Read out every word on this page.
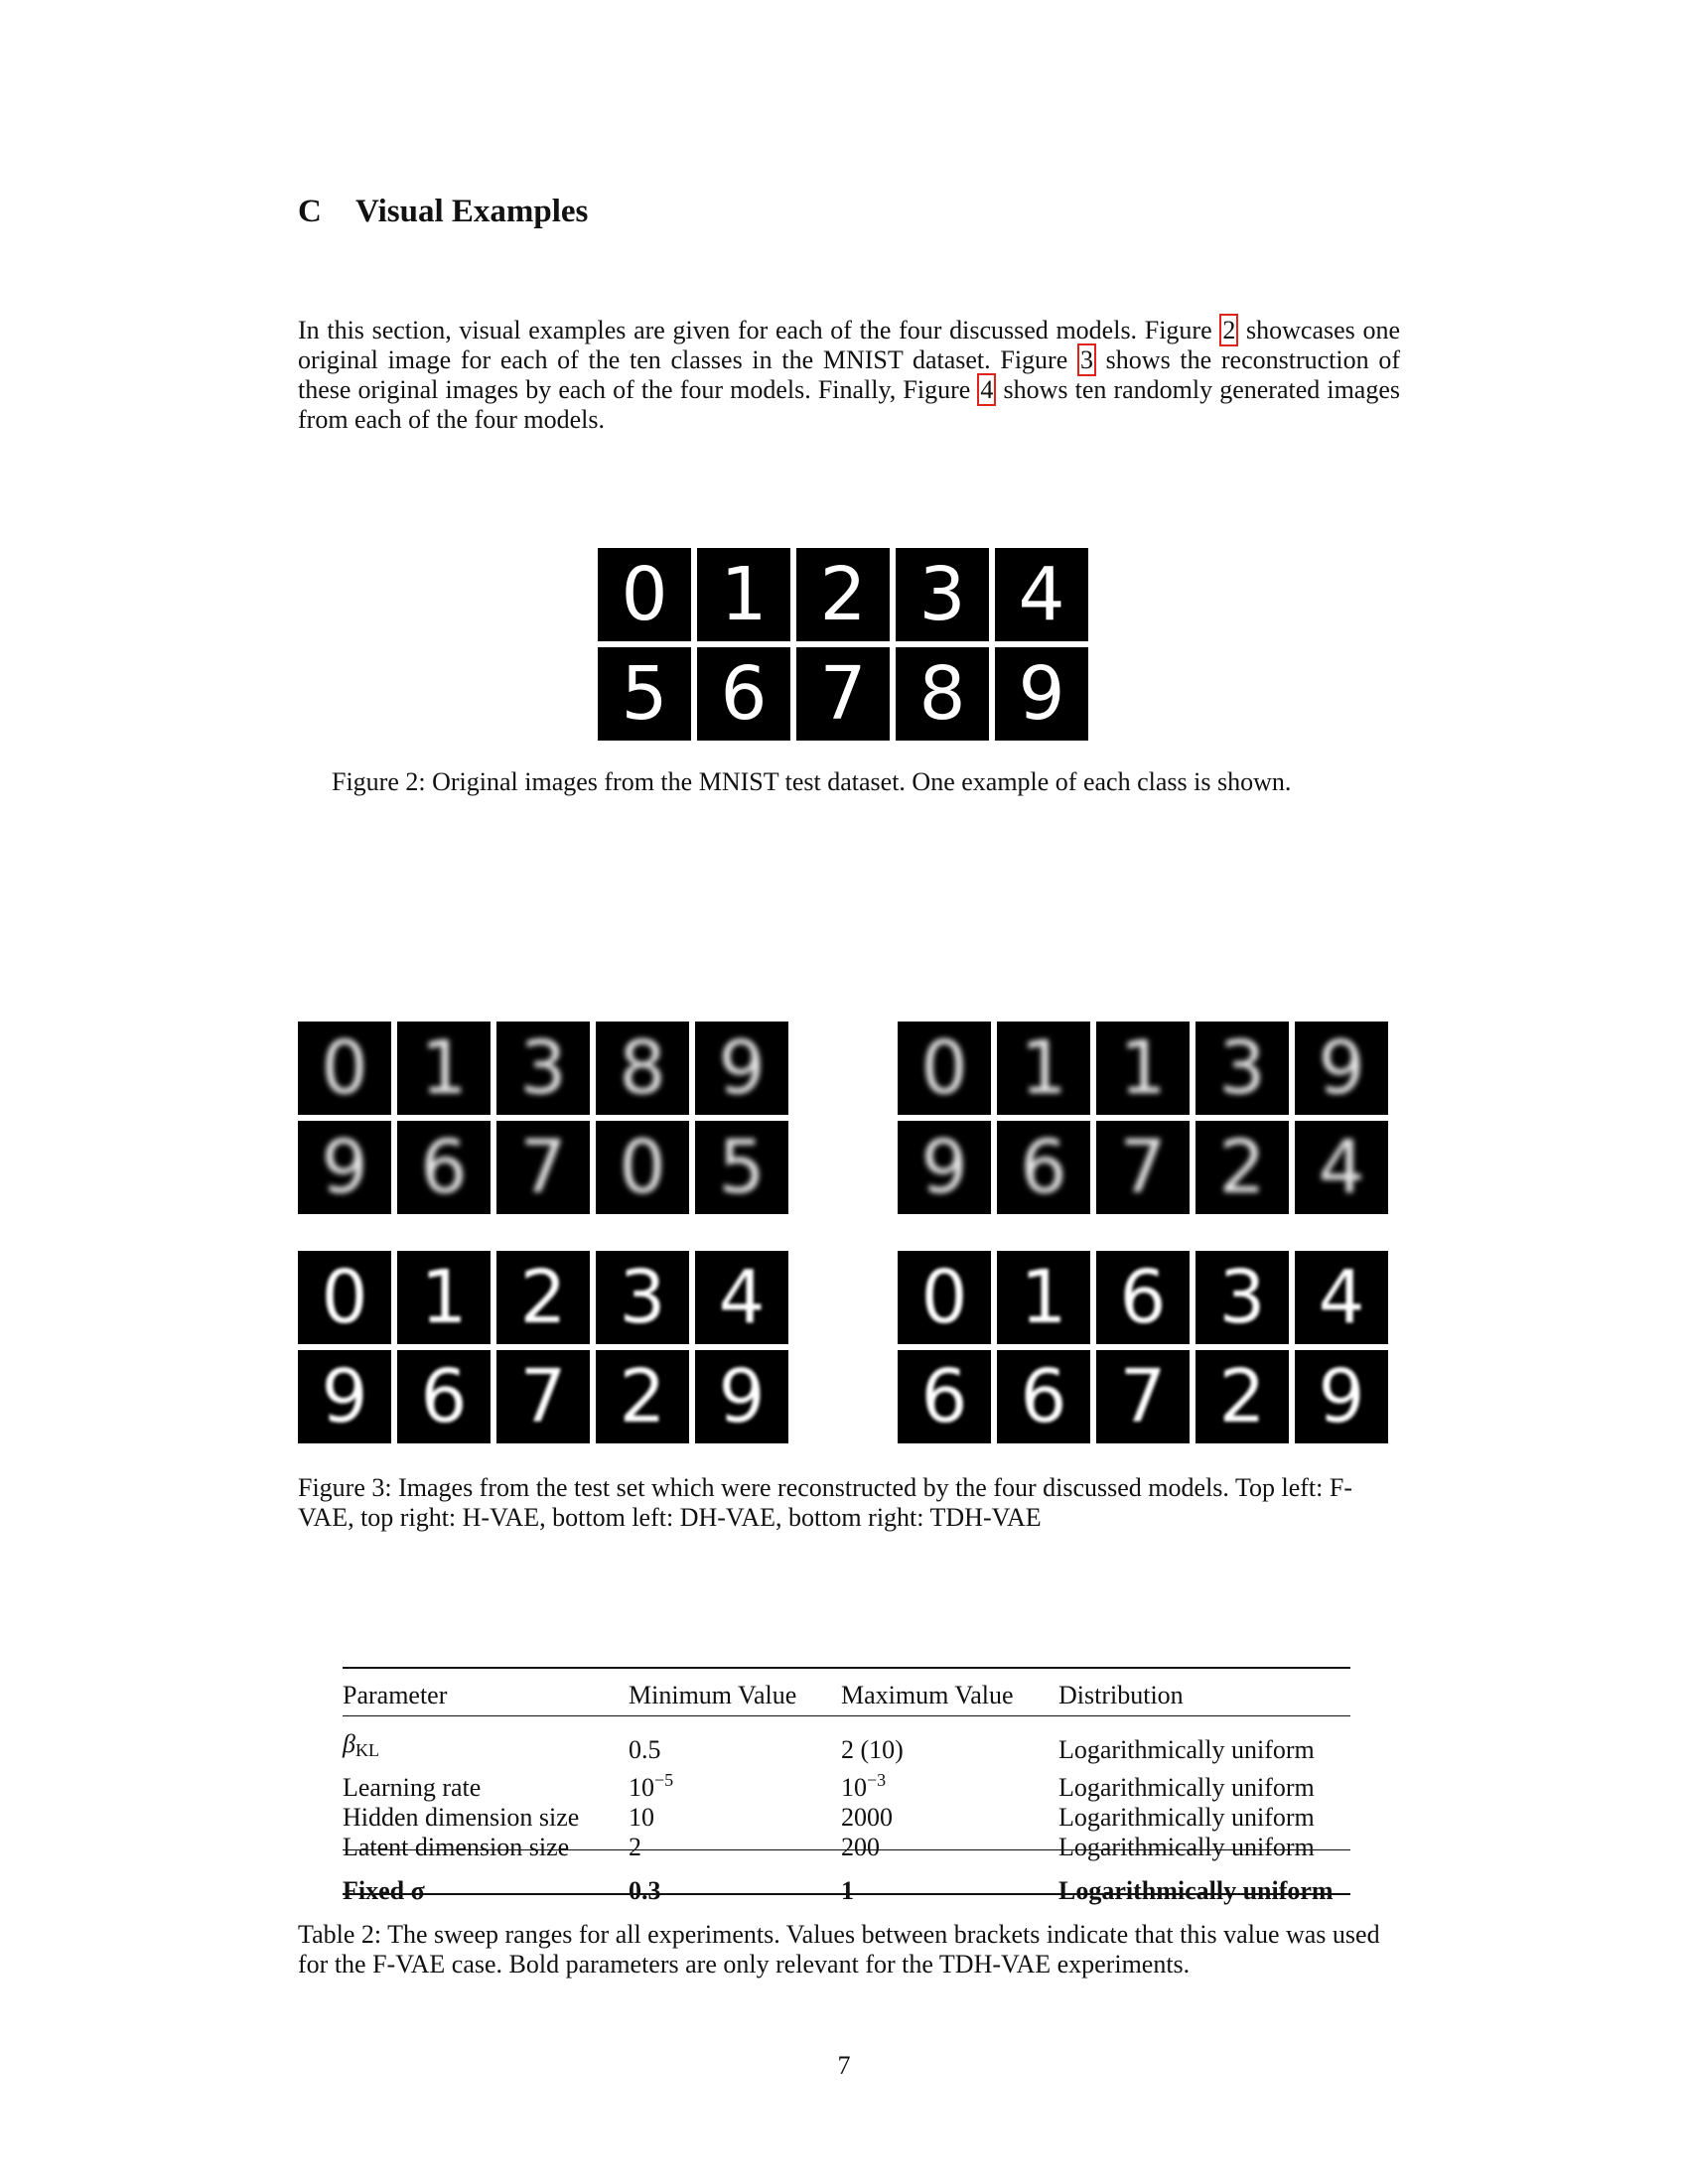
C Visual Examples
In this section, visual examples are given for each of the four discussed models. Figure 2 showcases one original image for each of the ten classes in the MNIST dataset. Figure 3 shows the reconstruction of these original images by each of the four models. Finally, Figure 4 shows ten randomly generated images from each of the four models.
0 1 2 3 4
5 6 7 8 9
Figure 2: Original images from the MNIST test dataset. One example of each class is shown.
0 1 3 8 9
9 6 7 0 5
0 1 1 3 9
9 6 7 2 4
0 1 2 3 4
9 6 7 2 9
0 1 6 3 4
6 6 7 2 9
Figure 3: Images from the test set which were reconstructed by the four discussed models. Top left: F-VAE, top right: H-VAE, bottom left: DH-VAE, bottom right: TDH-VAE
Parameter	Minimum Value	Maximum Value	Distribution

$\beta_{KL}$	0.5	2 (10)	Logarithmically uniform
Learning rate	$10^{-5}$	$10^{-3}$	Logarithmically uniform
Hidden dimension size	10	2000	Logarithmically uniform
Latent dimension size	2	200	Logarithmically uniform

Fixed σ	0.3	1	Logarithmically uniform
Table 2: The sweep ranges for all experiments. Values between brackets indicate that this value was used for the F-VAE case. Bold parameters are only relevant for the TDH-VAE experiments.
7
